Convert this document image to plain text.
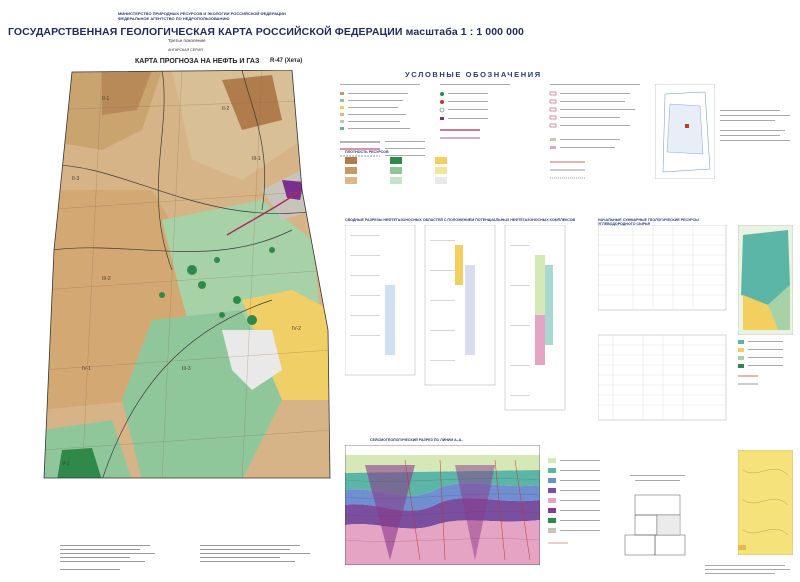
МИНИСТЕРСТВО ПРИРОДНЫХ РЕСУРСОВ И ЭКОЛОГИИ РОССИЙСКОЙ ФЕДЕРАЦИИ
ФЕДЕРАЛЬНОЕ АГЕНТСТВО ПО НЕДРОПОЛЬЗОВАНИЮ
ГОСУДАРСТВЕННАЯ ГЕОЛОГИЧЕСКАЯ КАРТА РОССИЙСКОЙ ФЕДЕРАЦИИ масштаба 1 : 1 000 000
Третье поколение
АНГАРСКАЯ СЕРИЯ
КАРТА ПРОГНОЗА НА НЕФТЬ И ГАЗ R-47 (Хета)
II-1
II-2
II-3
III-1
III-2
III-3
IV-1
IV-2
V-1
УСЛОВНЫЕ ОБОЗНАЧЕНИЯ
ПЛОТНОСТЬ РЕСУРСОВ
СВОДНЫЕ РАЗРЕЗЫ НЕФТЕГАЗОНОСНЫХ ОБЛАСТЕЙ С ПОЛОЖЕНИЕМ ПОТЕНЦИАЛЬНЫХ НЕФТЕГАЗОНОСНЫХ КОМПЛЕКСОВ	НАЧАЛЬНЫЕ СУММАРНЫЕ ГЕОЛОГИЧЕСКИЕ РЕСУРСЫ УГЛЕВОДОРОДНОГО СЫРЬЯ
СЕЙСМОГЕОЛОГИЧЕСКИЙ РАЗРЕЗ ПО ЛИНИИ А–А₁
